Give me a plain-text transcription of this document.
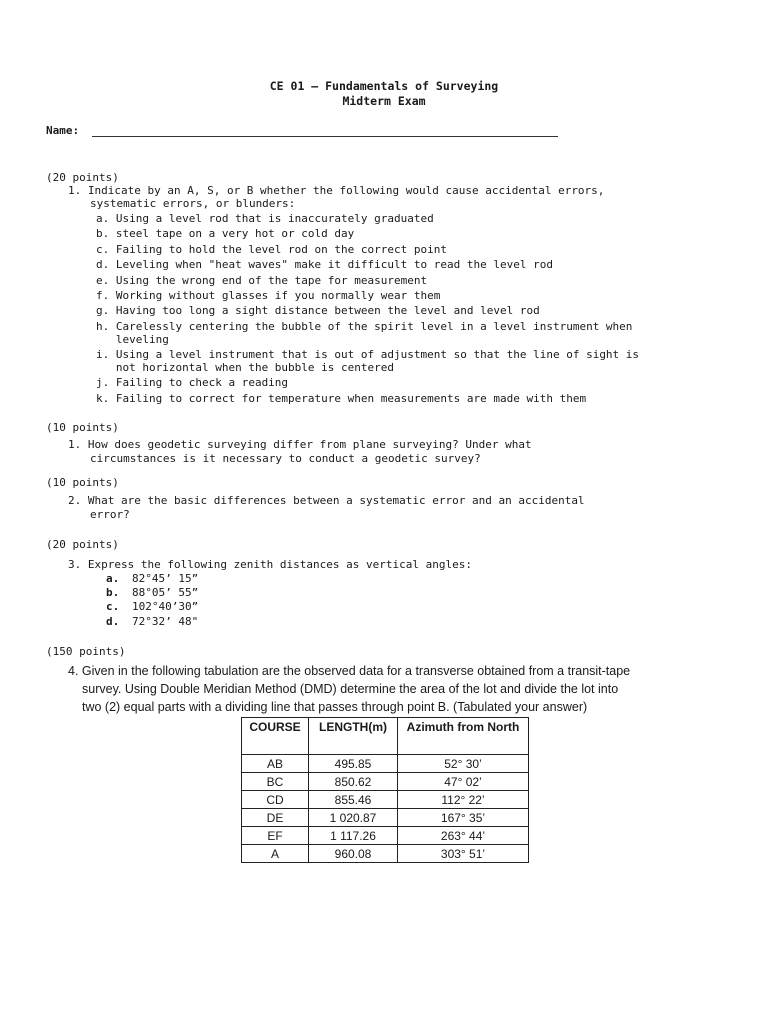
CE 01 – Fundamentals of Surveying
Midterm Exam
Name:
(20 points)
1. Indicate by an A, S, or B whether the following would cause accidental errors,
systematic errors, or blunders:
a. Using a level rod that is inaccurately graduated
b. steel tape on a very hot or cold day
c. Failing to hold the level rod on the correct point
d. Leveling when "heat waves" make it difficult to read the level rod
e. Using the wrong end of the tape for measurement
f. Working without glasses if you normally wear them
g. Having too long a sight distance between the level and level rod
h. Carelessly centering the bubble of the spirit level in a level instrument when
leveling
i. Using a level instrument that is out of adjustment so that the line of sight is
not horizontal when the bubble is centered
j. Failing to check a reading
k. Failing to correct for temperature when measurements are made with them
(10 points)
1. How does geodetic surveying differ from plane surveying? Under what
circumstances is it necessary to conduct a geodetic survey?
(10 points)
2. What are the basic differences between a systematic error and an accidental
error?
(20 points)
3. Express the following zenith distances as vertical angles:
a. 82°45’ 15”
b. 88°05’ 55”
c. 102°40’30”
d. 72°32’ 48"
(150 points)
4. Given in the following tabulation are the observed data for a transverse obtained from a transit-tape
survey. Using Double Meridian Method (DMD) determine the area of the lot and divide the lot into
two (2) equal parts with a dividing line that passes through point B. (Tabulated your answer)
COURSE	LENGTH(m)	Azimuth from North
AB	495.85	52° 30’
BC	850.62	47° 02’
CD	855.46	112° 22’
DE	1 020.87	167° 35’
EF	1 117.26	263° 44’
A	960.08	303° 51’
